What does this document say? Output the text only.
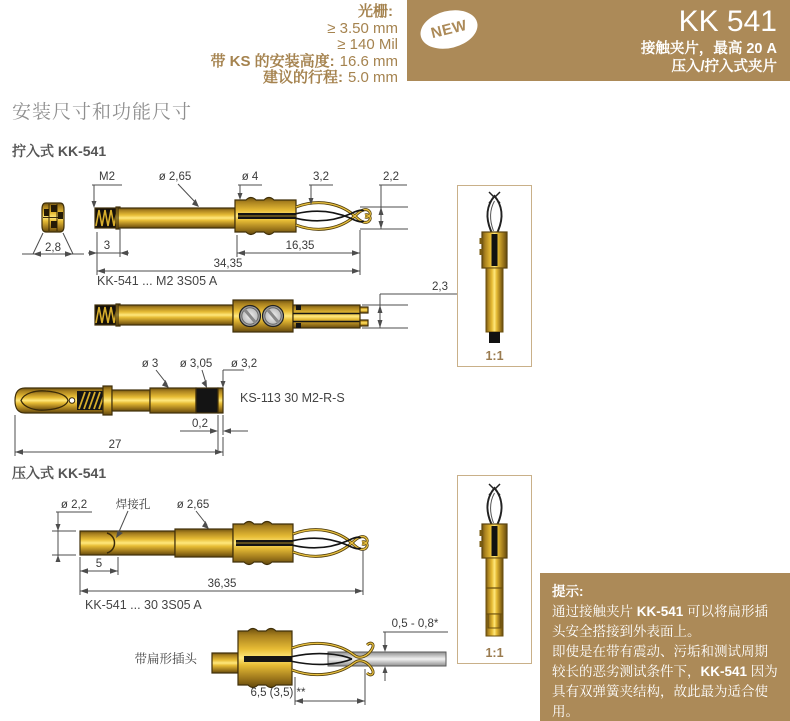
光栅:
≥ 3.50 mm
≥ 140 Mil
带 KS 的安装高度: 16.6 mm
建议的行程: 5.0 mm
NEW	KK 541
接触夹片，最高 20 A
压入/拧入式夹片
安装尺寸和功能尺寸
拧入式 KK-541
2,8
M2	ø 2,65	ø 4	3,2	2,2
3	16,35
34,35
KK-541 ... M2 3S05 A	2,3
ø 3 ø 3,05 ø 3,2
KS-113 30 M2-R-S
0,2
27
1:1
压入式 KK-541
ø 2,2 焊接孔 ø 2,65
5
36,35
KK-541 ... 30 3S05 A
带扁形插头
0,5 - 0,8*
6,5 (3,5) **
1:1

提示:

通过接触夹片 KK-541 可以将扁形插头安全搭接到外表面上。

即使是在带有震动、污垢和测试周期较长的恶劣测试条件下，KK-541 因为具有双弹簧夹结构，故此最为适合使用。
